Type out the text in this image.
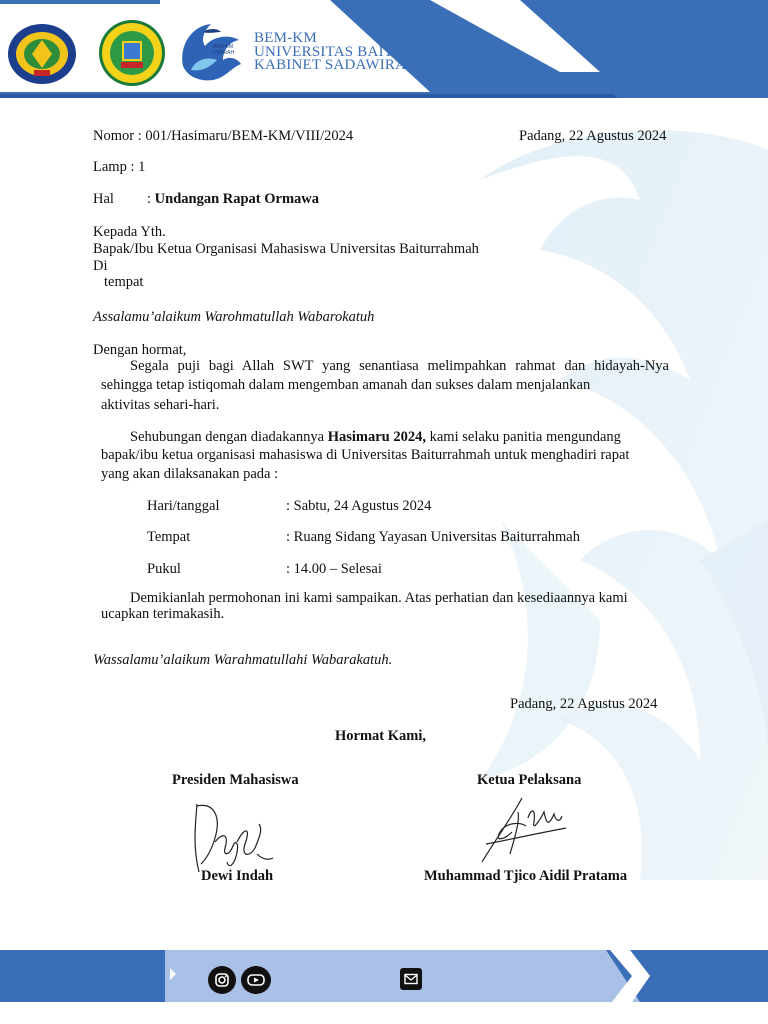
BEM-KM
UNBRAH
BEM-KM
UNIVERSITAS BAITURRAHMAH
KABINET SADAWIRA
Nomor : 001/Hasimaru/BEM-KM/VIII/2024	Padang, 22 Agustus 2024
Lamp : 1
Hal : Undangan Rapat Ormawa
Kepada Yth.
Bapak/Ibu Ketua Organisasi Mahasiswa Universitas Baiturrahmah
Di
tempat
Assalamu’alaikum Warohmatullah Wabarokatuh
Dengan hormat,
Segala puji bagi Allah SWT yang senantiasa melimpahkan rahmat dan hidayah-Nya
sehingga tetap istiqomah dalam mengemban amanah dan sukses dalam menjalankan
aktivitas sehari-hari.
Sehubungan dengan diadakannya Hasimaru 2024, kami selaku panitia mengundang
bapak/ibu ketua organisasi mahasiswa di Universitas Baiturrahmah untuk menghadiri rapat
yang akan dilaksanakan pada :
Hari/tanggal	: Sabtu, 24 Agustus 2024
Tempat	: Ruang Sidang Yayasan Universitas Baiturrahmah
Pukul	: 14.00 – Selesai
Demikianlah permohonan ini kami sampaikan. Atas perhatian dan kesediaannya kami
ucapkan terimakasih.
Wassalamu’alaikum Warahmatullahi Wabarakatuh.
Padang, 22 Agustus 2024
Hormat Kami,
Presiden Mahasiswa	Ketua Pelaksana
Dewi Indah	Muhammad Tjico Aidil Pratama
